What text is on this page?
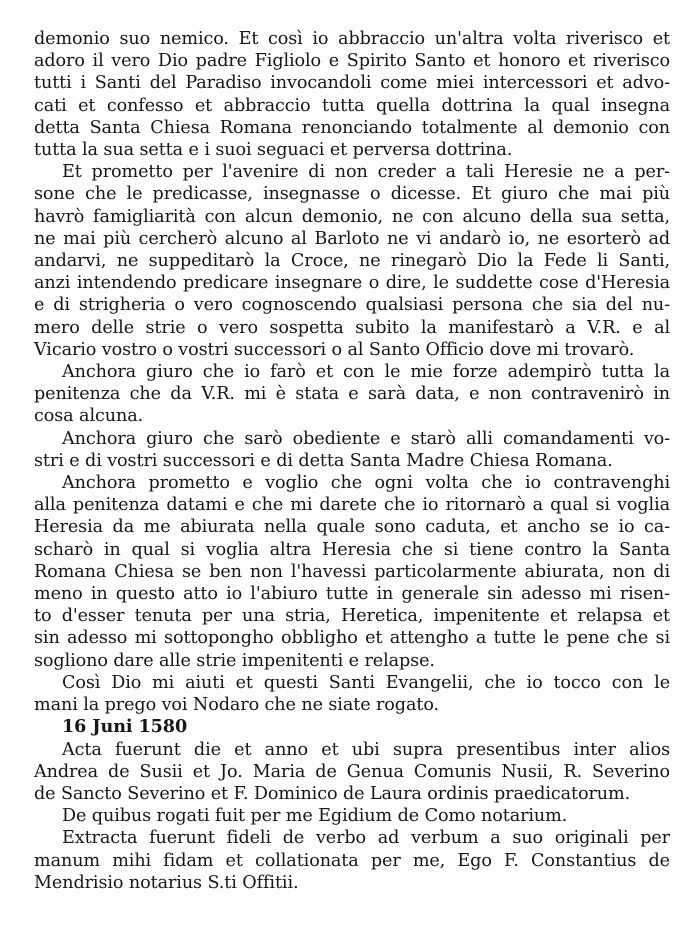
demonio suo nemico. Et così io abbraccio un'altra volta riverisco et
adoro il vero Dio padre Figliolo e Spirito Santo et honoro et riverisco
tutti i Santi del Paradiso invocandoli come miei intercessori et advo-
cati et confesso et abbraccio tutta quella dottrina la qual insegna
detta Santa Chiesa Romana renonciando totalmente al demonio con
tutta la sua setta e i suoi seguaci et perversa dottrina.
Et prometto per l'avenire di non creder a tali Heresie ne a per-
sone che le predicasse, insegnasse o dicesse. Et giuro che mai più
havrò famigliarità con alcun demonio, ne con alcuno della sua setta,
ne mai più cercherò alcuno al Barloto ne vi andarò io, ne esorterò ad
andarvi, ne suppeditarò la Croce, ne rinegarò Dio la Fede li Santi,
anzi intendendo predicare insegnare o dire, le suddette cose d'Heresia
e di strigheria o vero cognoscendo qualsiasi persona che sia del nu-
mero delle strie o vero sospetta subito la manifestarò a V.R. e al
Vicario vostro o vostri successori o al Santo Officio dove mi trovarò.
Anchora giuro che io farò et con le mie forze adempirò tutta la
penitenza che da V.R. mi è stata e sarà data, e non contravenirò in
cosa alcuna.
Anchora giuro che sarò obediente e starò alli comandamenti vo-
stri e di vostri successori e di detta Santa Madre Chiesa Romana.
Anchora prometto e voglio che ogni volta che io contravenghi
alla penitenza datami e che mi darete che io ritornarò a qual si voglia
Heresia da me abiurata nella quale sono caduta, et ancho se io ca-
scharò in qual si voglia altra Heresia che si tiene contro la Santa
Romana Chiesa se ben non l'havessi particolarmente abiurata, non di
meno in questo atto io l'abiuro tutte in generale sin adesso mi risen-
to d'esser tenuta per una stria, Heretica, impenitente et relapsa et
sin adesso mi sottopongho obbligho et attengho a tutte le pene che si
sogliono dare alle strie impenitenti e relapse.
Così Dio mi aiuti et questi Santi Evangelii, che io tocco con le
mani la prego voi Nodaro che ne siate rogato.
16 Juni 1580
Acta fuerunt die et anno et ubi supra presentibus inter alios
Andrea de Susii et Jo. Maria de Genua Comunis Nusii, R. Severino
de Sancto Severino et F. Dominico de Laura ordinis praedicatorum.
De quibus rogati fuit per me Egidium de Como notarium.
Extracta fuerunt fideli de verbo ad verbum a suo originali per
manum mihi fidam et collationata per me, Ego F. Constantius de
Mendrisio notarius S.ti Offitii.
